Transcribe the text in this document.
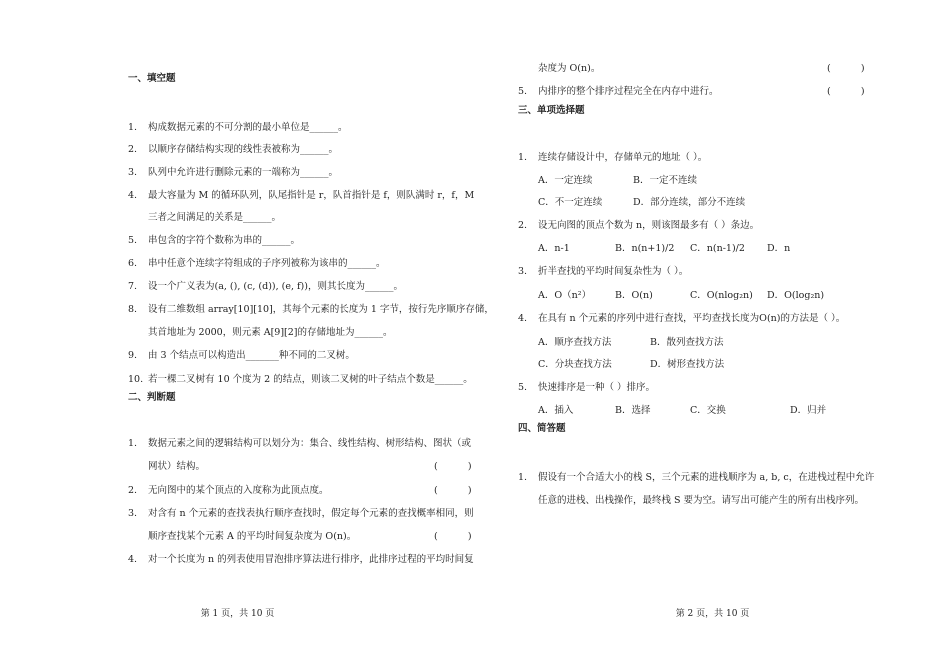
一、填空题
1. 构成数据元素的不可分割的最小单位是______。
2. 以顺序存储结构实现的线性表被称为______。
3. 队列中允许进行删除元素的一端称为______。
4. 最大容量为 M 的循环队列，队尾指针是 r，队首指针是 f，则队满时 r，f，M
三者之间满足的关系是______。
5. 串包含的字符个数称为串的______。
6. 串中任意个连续字符组成的子序列被称为该串的______。
7. 设一个广义表为(a, (), (c, (d)), (e, f))，则其长度为______。
8. 设有二维数组 array[10][10]，其每个元素的长度为 1 字节，按行先序顺序存储，
其首地址为 2000，则元素 A[9][2]的存储地址为______。
9. 由 3 个结点可以构造出_______种不同的二叉树。
10. 若一棵二叉树有 10 个度为 2 的结点，则该二叉树的叶子结点个数是______。
二、判断题
1. 数据元素之间的逻辑结构可以划分为：集合、线性结构、树形结构、图状（或
网状）结构。	(          )
2. 无向图中的某个顶点的入度称为此顶点度。	(          )
3. 对含有 n 个元素的查找表执行顺序查找时，假定每个元素的查找概率相同，则
顺序查找某个元素 A 的平均时间复杂度为 O(n)。	(          )
4. 对一个长度为 n 的列表使用冒泡排序算法进行排序，此排序过程的平均时间复
第 1 页，共 10 页
杂度为 O(n)。	(          )
5. 内排序的整个排序过程完全在内存中进行。	(          )
三、单项选择题
1. 连续存储设计中，存储单元的地址（ ）。
A．一定连续	B．一定不连续
C．不一定连续	D．部分连续，部分不连续
2. 设无向图的顶点个数为 n，则该图最多有（ ）条边。
A．n-1	B．n(n+1)/2 C．n(n-1)/2 D．n
3. 折半查找的平均时间复杂性为（ ）。
A．O（n²）	B．O(n)	C．O(nlog₂n) D．O(log₂n)
4. 在具有 n 个元素的序列中进行查找，平均查找长度为O(n)的方法是（ ）。
A．顺序查找方法	B．散列查找方法
C．分块查找方法	D．树形查找方法
5. 快速排序是一种（ ）排序。
A．插入	B．选择	C．交换	D．归并
四、简答题
1. 假设有一个合适大小的栈 S，三个元素的进栈顺序为 a, b, c，在进栈过程中允许
任意的进栈、出栈操作，最终栈 S 要为空。请写出可能产生的所有出栈序列。
第 2 页，共 10 页
